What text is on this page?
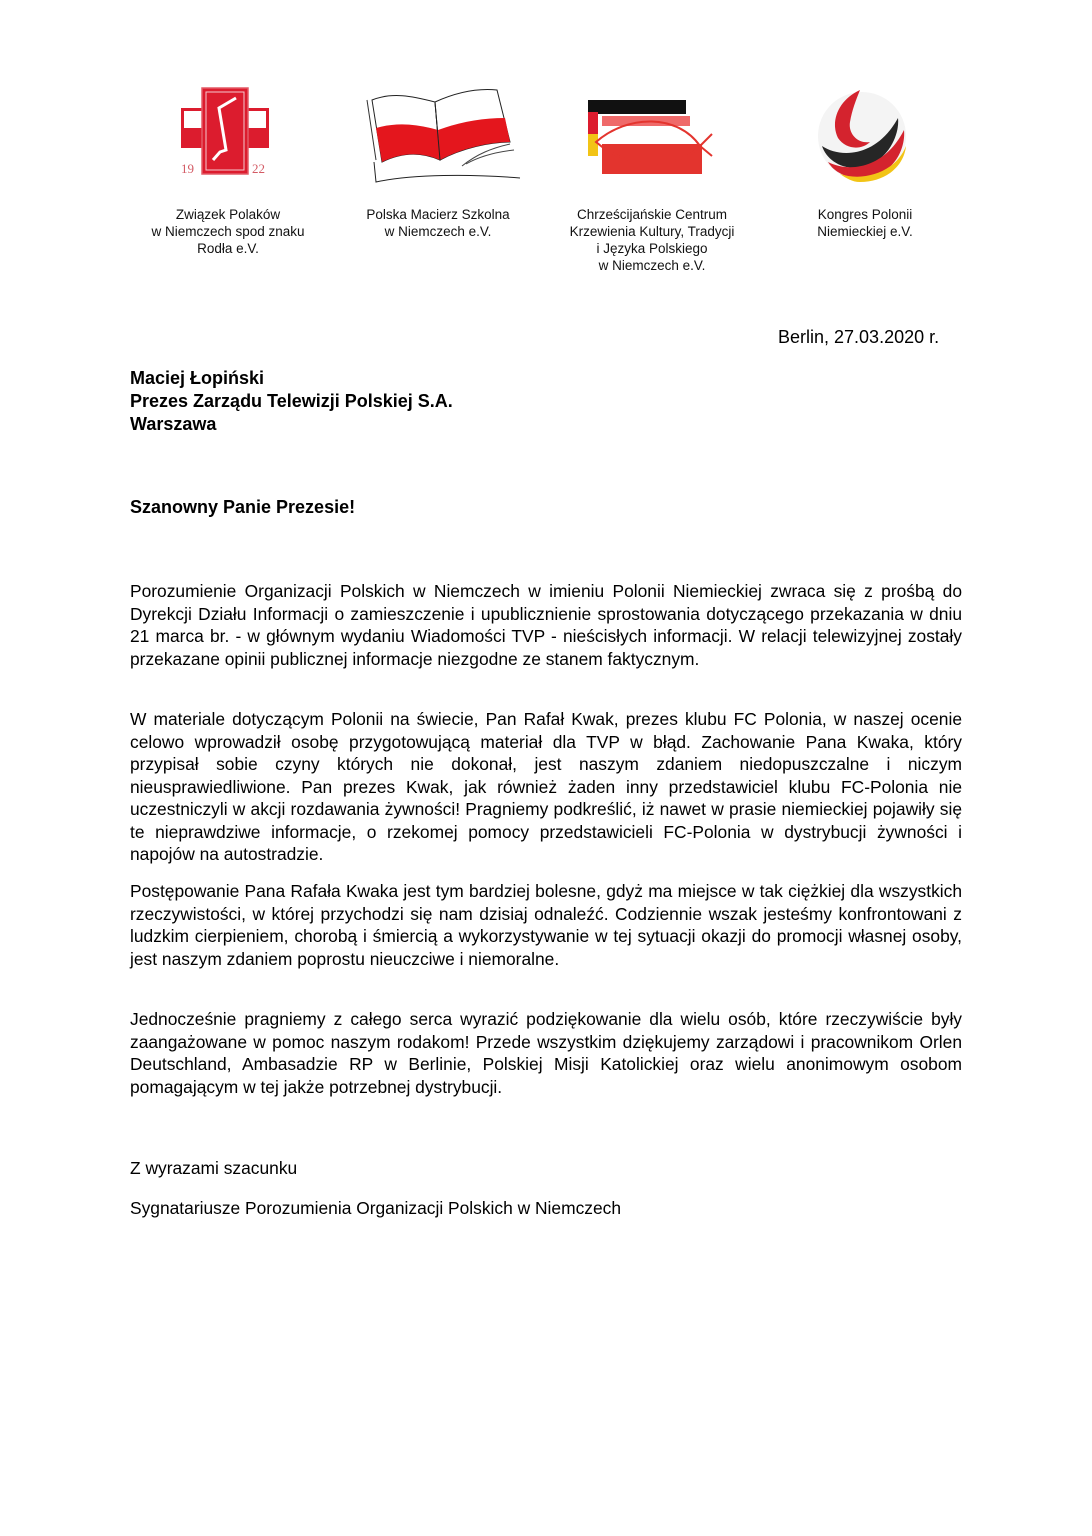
19	22
Związek Polaków
w Niemczech spod znaku
Rodła e.V.
Polska Macierz Szkolna
w Niemczech e.V.
Chrześcijańskie Centrum
Krzewienia Kultury, Tradycji
i Języka Polskiego
w Niemczech e.V.
Kongres Polonii
Niemieckiej e.V.
Berlin, 27.03.2020 r.
Maciej Łopiński
Prezes Zarządu Telewizji Polskiej S.A.
Warszawa
Szanowny Panie Prezesie!

Porozumienie Organizacji Polskich w Niemczech w imieniu Polonii Niemieckiej zwraca się z prośbą do Dyrekcji Działu Informacji o zamieszczenie i upublicznienie sprostowania dotyczącego przekazania w dniu 21 marca br. - w głównym wydaniu Wiadomości TVP - nieścisłych informacji. W relacji telewizyjnej zostały przekazane opinii publicznej informacje niezgodne ze stanem faktycznym.

W materiale dotyczącym Polonii na świecie, Pan Rafał Kwak, prezes klubu FC Polonia, w naszej ocenie celowo wprowadził osobę przygotowującą materiał dla TVP w błąd. Zachowanie Pana Kwaka, który przypisał sobie czyny których nie dokonał, jest naszym zdaniem niedopuszczalne i niczym nieusprawiedliwione. Pan prezes Kwak, jak również żaden inny przedstawiciel klubu FC-Polonia nie uczestniczyli w akcji rozdawania żywności! Pragniemy podkreślić, iż nawet w prasie niemieckiej pojawiły się te nieprawdziwe informacje, o rzekomej pomocy przedstawicieli FC-Polonia w dystrybucji żywności i napojów na autostradzie.

Postępowanie Pana Rafała Kwaka jest tym bardziej bolesne, gdyż ma miejsce w tak ciężkiej dla wszystkich rzeczywistości, w której przychodzi się nam dzisiaj odnaleźć. Codziennie wszak jesteśmy konfrontowani z ludzkim cierpieniem, chorobą i śmiercią a wykorzystywanie w tej sytuacji okazji do promocji własnej osoby, jest naszym zdaniem poprostu nieuczciwe i niemoralne.

Jednocześnie pragniemy z całego serca wyrazić podziękowanie dla wielu osób, które rzeczywiście były zaangażowane w pomoc naszym rodakom! Przede wszystkim dziękujemy zarządowi i pracownikom Orlen Deutschland, Ambasadzie RP w Berlinie, Polskiej Misji Katolickiej oraz wielu anonimowym osobom pomagającym w tej jakże potrzebnej dystrybucji.

Z wyrazami szacunku
Sygnatariusze Porozumienia Organizacji Polskich w Niemczech
